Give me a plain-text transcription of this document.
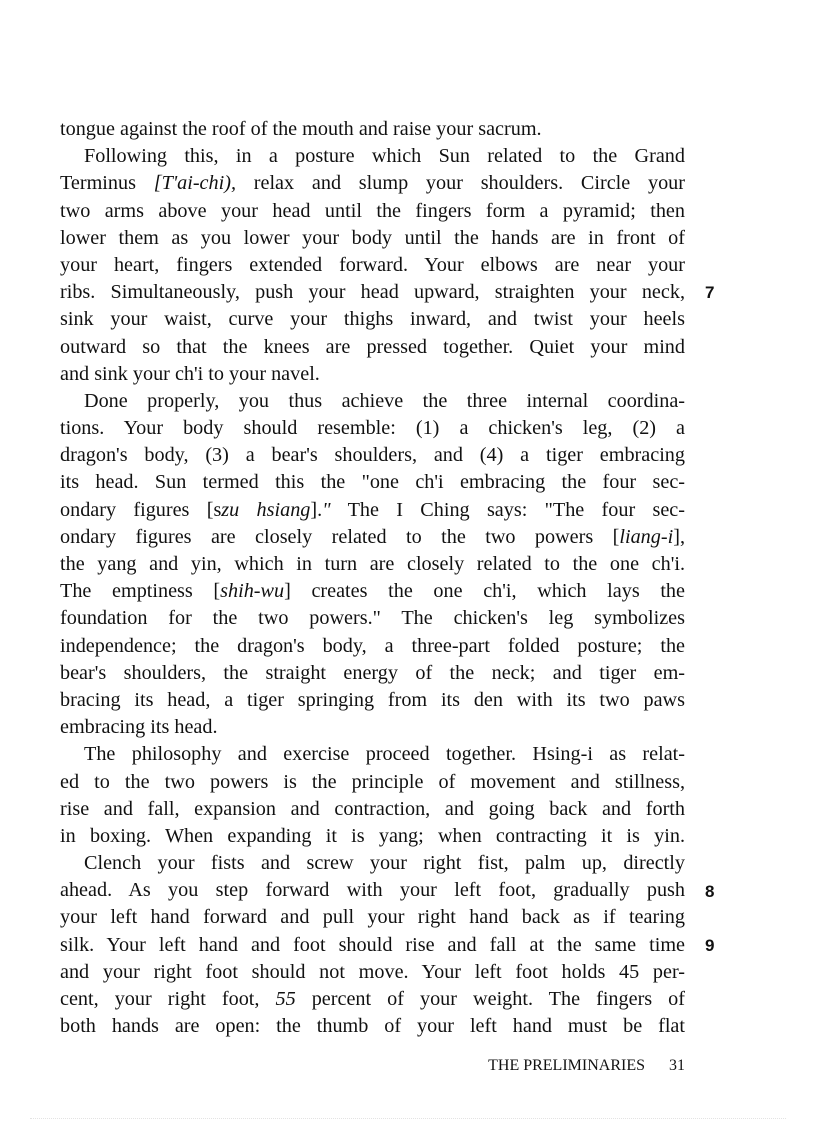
tongue against the roof of the mouth and raise your sacrum.
Following this, in a posture which Sun related to the Grand
Terminus [T'ai-chi), relax and slump your shoulders. Circle your
two arms above your head until the fingers form a pyramid; then
lower them as you lower your body until the hands are in front of
your heart, fingers extended forward. Your elbows are near your
ribs. Simultaneously, push your head upward, straighten your neck,
sink your waist, curve your thighs inward, and twist your heels
outward so that the knees are pressed together. Quiet your mind
and sink your ch'i to your navel.
Done properly, you thus achieve the three internal coordina-
tions. Your body should resemble: (1) a chicken's leg, (2) a
dragon's body, (3) a bear's shoulders, and (4) a tiger embracing
its head. Sun termed this the "one ch'i embracing the four sec-
ondary figures [szu hsiang]." The I Ching says: "The four sec-
ondary figures are closely related to the two powers [liang-i],
the yang and yin, which in turn are closely related to the one ch'i.
The emptiness [shih-wu] creates the one ch'i, which lays the
foundation for the two powers." The chicken's leg symbolizes
independence; the dragon's body, a three-part folded posture; the
bear's shoulders, the straight energy of the neck; and tiger em-
bracing its head, a tiger springing from its den with its two paws
embracing its head.
The philosophy and exercise proceed together. Hsing-i as relat-
ed to the two powers is the principle of movement and stillness,
rise and fall, expansion and contraction, and going back and forth
in boxing. When expanding it is yang; when contracting it is yin.
Clench your fists and screw your right fist, palm up, directly
ahead. As you step forward with your left foot, gradually push
your left hand forward and pull your right hand back as if tearing
silk. Your left hand and foot should rise and fall at the same time
and your right foot should not move. Your left foot holds 45 per-
cent, your right foot, 55 percent of your weight. The fingers of
both hands are open: the thumb of your left hand must be flat
7
8
9
THE PRELIMINARIES 31
